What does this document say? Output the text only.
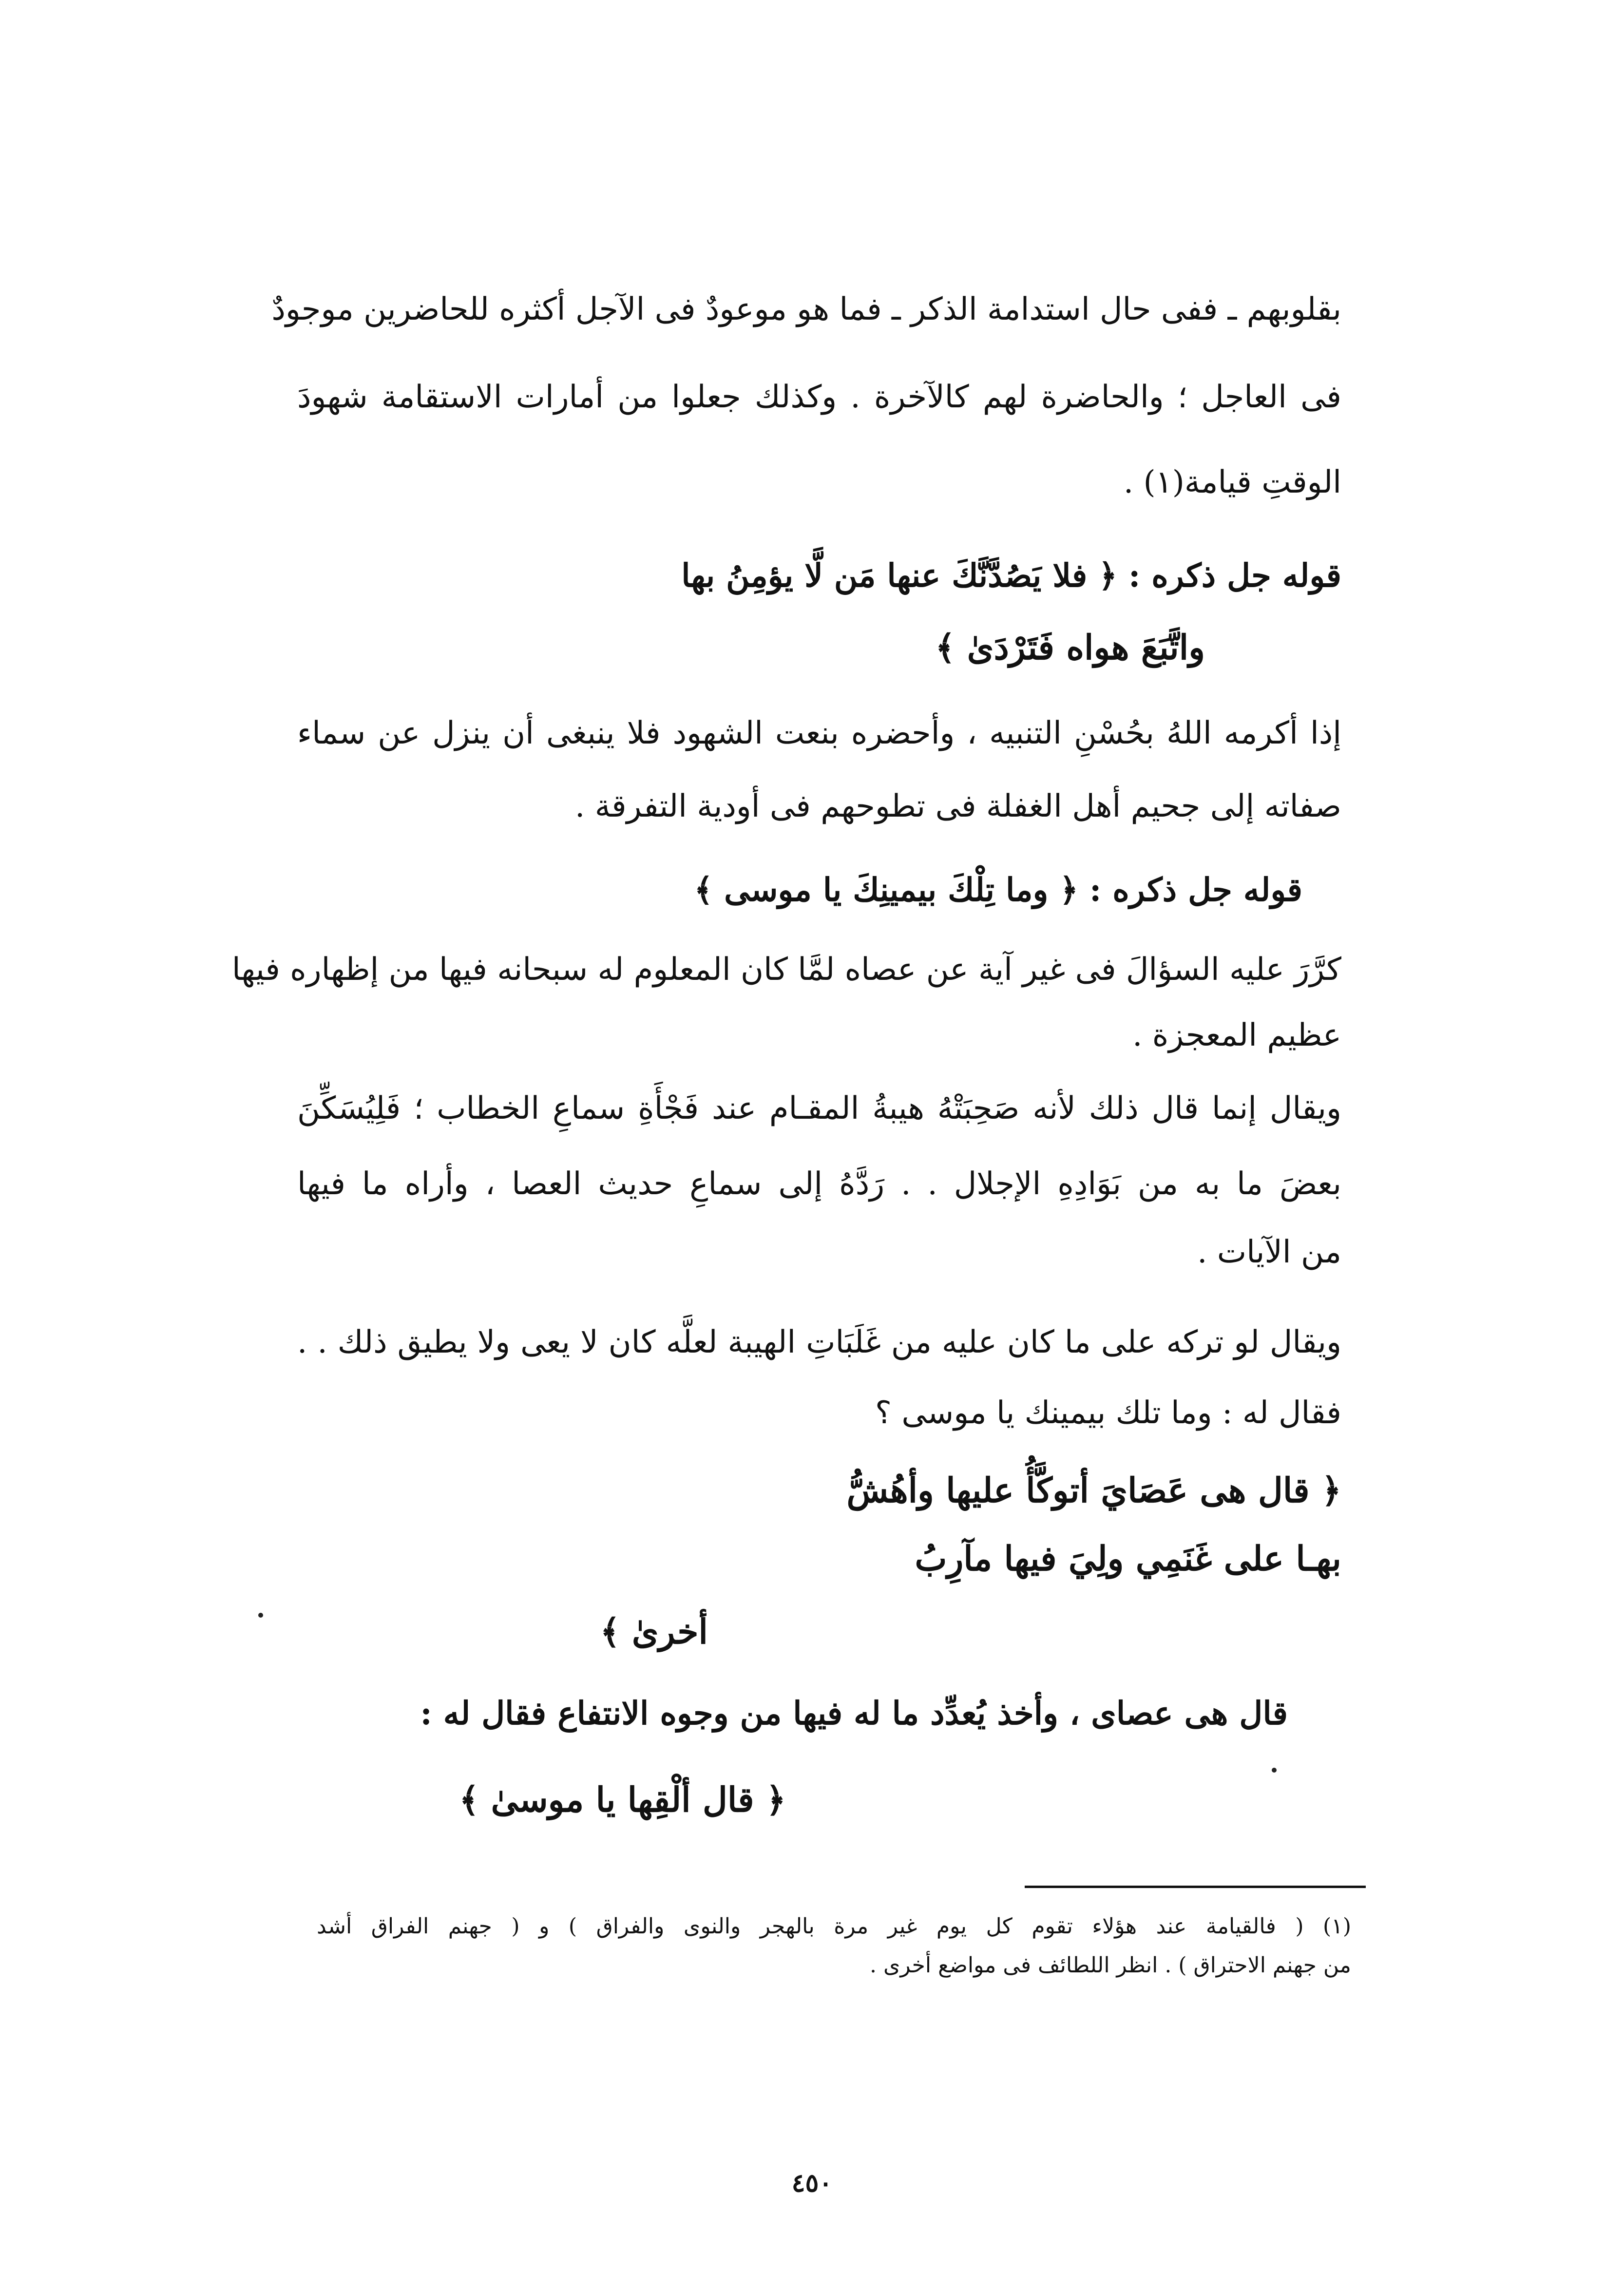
بقلوبهم ـ ففى حال استدامة الذكر ـ فما هو موعودٌ فى الآجل أكثره للحاضرين موجودٌ
فى العاجل ؛ والحاضرة لهم كالآخرة . وكذلك جعلوا من أمارات الاستقامة شهودَ
الوقتِ قيامة(١) .
قوله جل ذكره : ﴿ فلا يَصُدَّنَّكَ عنها مَن لَّا يؤمِنُ بها
واتَّبَعَ هواه فَتَرْدَىٰ ﴾
إذا أكرمه اللهُ بحُسْنِ التنبيه ، وأحضره بنعت الشهود فلا ينبغى أن ينزل عن سماء
صفاته إلى جحيم أهل الغفلة فى تطوحهم فى أودية التفرقة .
قوله جل ذكره : ﴿ وما تِلْكَ بيمينِكَ يا موسى ﴾
كرَّرَ عليه السؤالَ فى غير آية عن عصاه لمَّا كان المعلوم له سبحانه فيها من إظهاره فيها
عظيم المعجزة .
ويقال إنما قال ذلك لأنه صَحِبَتْهُ هيبةُ المقـام عند فَجْأَةِ سماعِ الخطاب ؛ فَلِيُسَكِّنَ
بعضَ ما به من بَوَادِهِ الإجلال . . رَدَّهُ إلى سماعِ حديث العصا ، وأراه ما فيها
من الآيات .
ويقال لو تركه على ما كان عليه من غَلَبَاتِ الهيبة لعلَّه كان لا يعى ولا يطيق ذلك . .
فقال له : وما تلك بيمينك يا موسى ؟
﴿ قال هى عَصَايَ أتوكَّأُ عليها وأهُشُّ
بهـا على غَنَمِي ولِيَ فيها مآرِبُ
أخرىٰ ﴾
قال هى عصاى ، وأخذ يُعدِّد ما له فيها من وجوه الانتفاع فقال له :
﴿ قال ألْقِها يا موسىٰ ﴾
(١) ( فالقيامة عند هؤلاء تقوم كل يوم غير مرة بالهجر والنوى والفراق ) و ( جهنم الفراق أشد
من جهنم الاحتراق ) . انظر اللطائف فى مواضع أخرى .
٤٥٠
